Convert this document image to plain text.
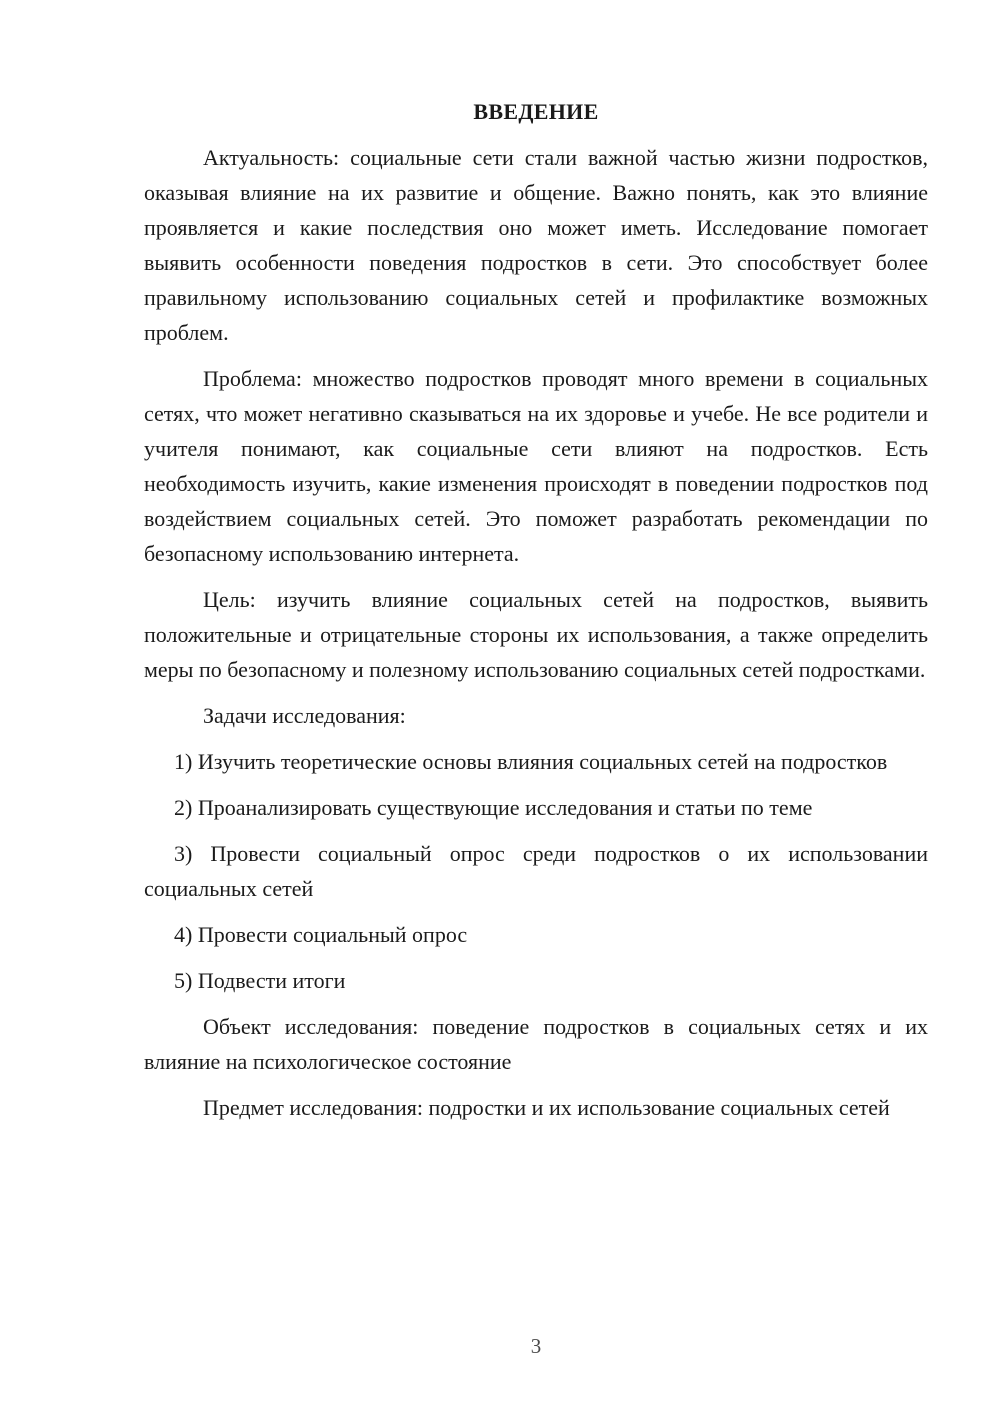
ВВЕДЕНИЕ

Актуальность: социальные сети стали важной частью жизни подростков, оказывая влияние на их развитие и общение. Важно понять, как это влияние проявляется и какие последствия оно может иметь. Исследование помогает выявить особенности поведения подростков в сети. Это способствует более правильному использованию социальных сетей и профилактике возможных проблем.

Проблема: множество подростков проводят много времени в социальных сетях, что может негативно сказываться на их здоровье и учебе. Не все родители и учителя понимают, как социальные сети влияют на подростков. Есть необходимость изучить, какие изменения происходят в поведении подростков под воздействием социальных сетей. Это поможет разработать рекомендации по безопасному использованию интернета.

Цель: изучить влияние социальных сетей на подростков, выявить положительные и отрицательные стороны их использования, а также определить меры по безопасному и полезному использованию социальных сетей подростками.

Задачи исследования:

1) Изучить теоретические основы влияния социальных сетей на подростков

2) Проанализировать существующие исследования и статьи по теме

3) Провести социальный опрос среди подростков о их использовании социальных сетей

4) Провести социальный опрос

5) Подвести итоги

Объект исследования: поведение подростков в социальных сетях и их влияние на психологическое состояние

Предмет исследования: подростки и их использование социальных сетей

3
